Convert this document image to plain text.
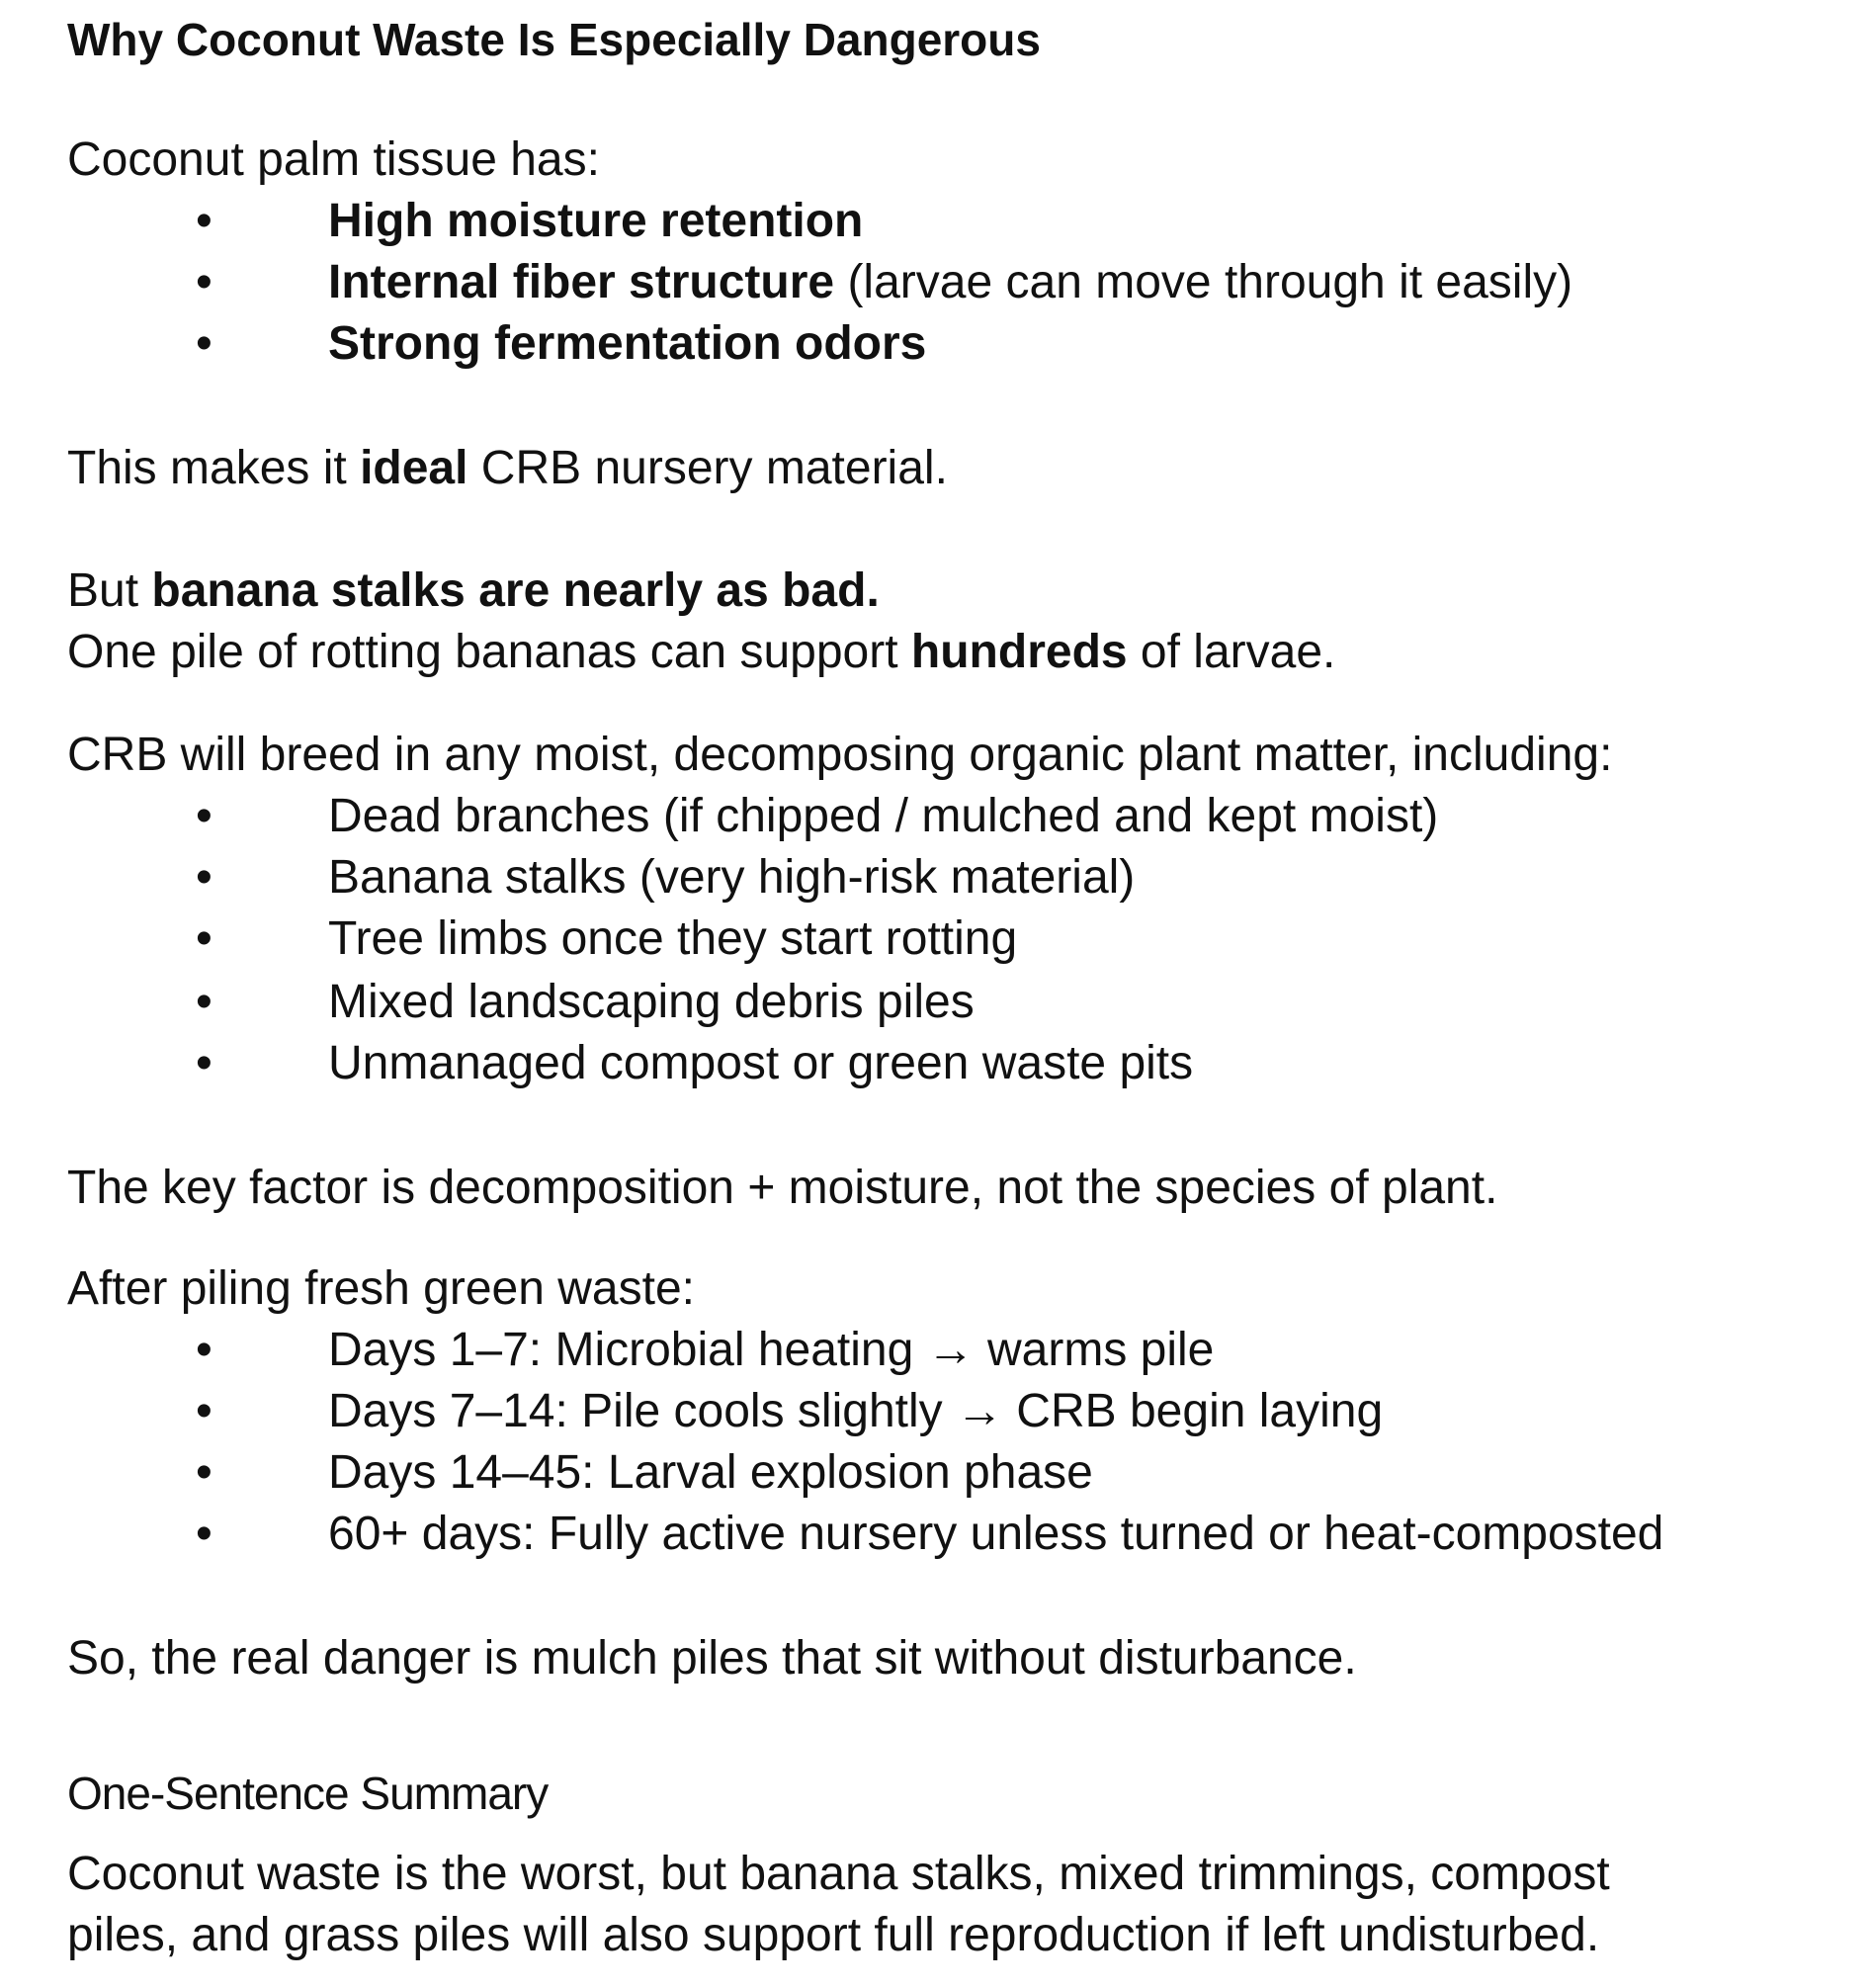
Why Coconut Waste Is Especially Dangerous
Coconut palm tissue has:
• High moisture retention
• Internal fiber structure (larvae can move through it easily)
• Strong fermentation odors
This makes it ideal CRB nursery material.
But banana stalks are nearly as bad.
One pile of rotting bananas can support hundreds of larvae.
CRB will breed in any moist, decomposing organic plant matter, including:
• Dead branches (if chipped / mulched and kept moist)
• Banana stalks (very high-risk material)
• Tree limbs once they start rotting
• Mixed landscaping debris piles
• Unmanaged compost or green waste pits
The key factor is decomposition + moisture, not the species of plant.
After piling fresh green waste:
• Days 1–7: Microbial heating → warms pile
• Days 7–14: Pile cools slightly → CRB begin laying
• Days 14–45: Larval explosion phase
• 60+ days: Fully active nursery unless turned or heat-composted
So, the real danger is mulch piles that sit without disturbance.
One-Sentence Summary
Coconut waste is the worst, but banana stalks, mixed trimmings, compost
piles, and grass piles will also support full reproduction if left undisturbed.
